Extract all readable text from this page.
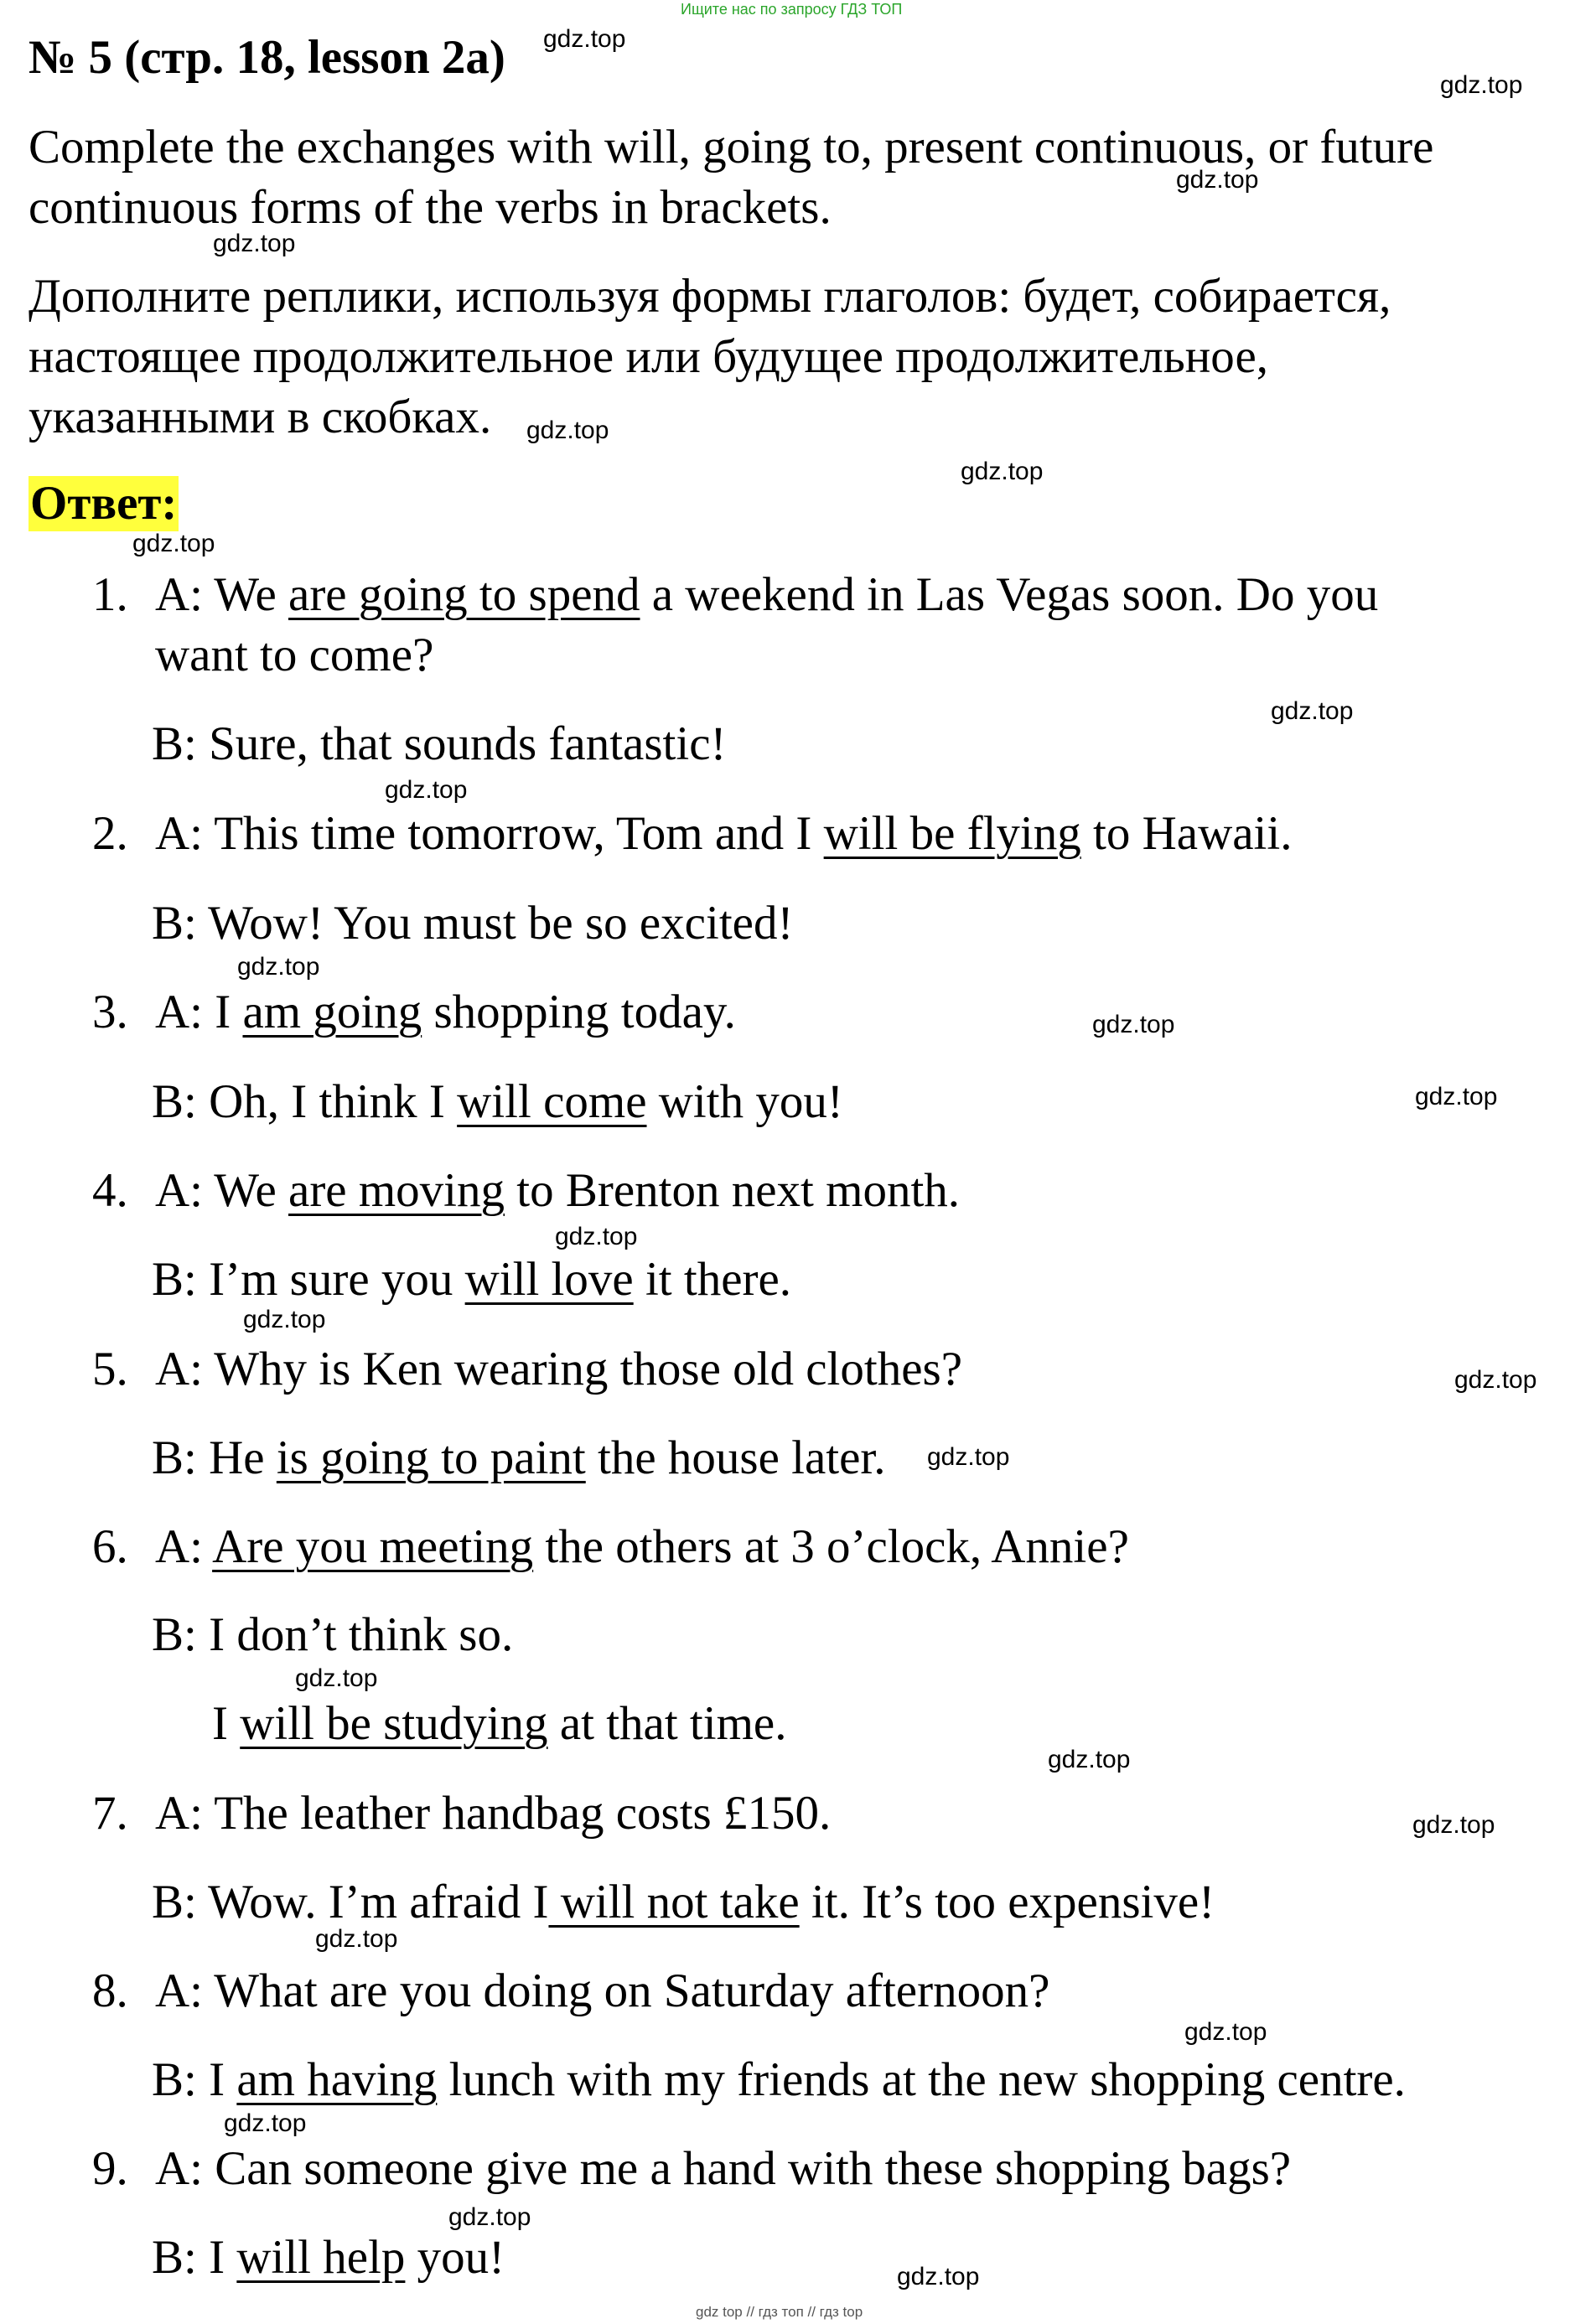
Ищите нас по запросу ГДЗ ТОП
№ 5 (стр. 18, lesson 2a)
Complete the exchanges with will, going to, present continuous, or future
continuous forms of the verbs in brackets.
Дополните реплики, используя формы глаголов: будет, собирается,
настоящее продолжительное или будущее продолжительное,
указанными в скобках.
Ответ:
1. A: We are going to spend a weekend in Las Vegas soon. Do you
want to come?
B: Sure, that sounds fantastic!
2. A: This time tomorrow, Tom and I will be flying to Hawaii.
B: Wow! You must be so excited!
3. A: I am going shopping today.
B: Oh, I think I will come with you!
4. A: We are moving to Brenton next month.
B: I’m sure you will love it there.
5. A: Why is Ken wearing those old clothes?
B: He is going to paint the house later.
6. A: Are you meeting the others at 3 o’clock, Annie?
B: I don’t think so.
I will be studying at that time.
7. A: The leather handbag costs £150.
B: Wow. I’m afraid I will not take it. It’s too expensive!
8. A: What are you doing on Saturday afternoon?
B: I am having lunch with my friends at the new shopping centre.
9. A: Can someone give me a hand with these shopping bags?
B: I will help you!
gdz.top
gdz.top
gdz.top
gdz.top
gdz.top
gdz.top
gdz.top
gdz.top
gdz.top
gdz.top
gdz.top
gdz.top
gdz.top
gdz.top
gdz.top
gdz.top
gdz.top
gdz.top
gdz.top
gdz.top
gdz.top
gdz.top
gdz.top
gdz.top
gdz top // гдз топ // гдз top
